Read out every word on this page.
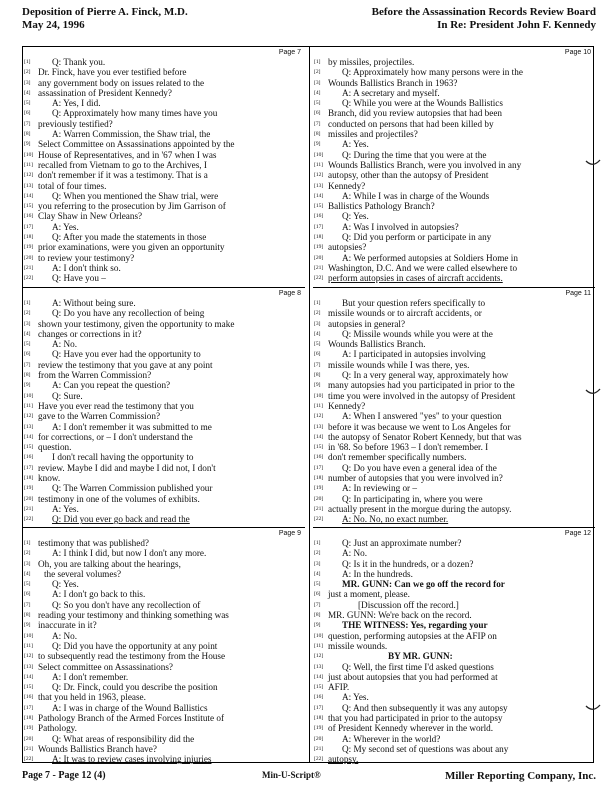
Deposition of Pierre A. Finck, M.D.
May 24, 1996
Before the Assassination Records Review Board
In Re: President John F. Kennedy
Page 7
[1] Q: Thank you.
[2] Dr. Finck, have you ever testified before
[3] any government body on issues related to the
[4] assassination of President Kennedy?
[5] A: Yes, I did.
[6] Q: Approximately how many times have you
[7] previously testified?
[8] A: Warren Commission, the Shaw trial, the
[9] Select Committee on Assassinations appointed by the
[10] House of Representatives, and in '67 when I was
[11] recalled from Vietnam to go to the Archives, I
[12] don't remember if it was a testimony. That is a
[13] total of four times.
[14] Q: When you mentioned the Shaw trial, were
[15] you referring to the prosecution by Jim Garrison of
[16] Clay Shaw in New Orleans?
[17] A: Yes.
[18] Q: After you made the statements in those
[19] prior examinations, were you given an opportunity
[20] to review your testimony?
[21] A: I don't think so.
[22] Q: Have you –
Page 10
[1] by missiles, projectiles.
[2] Q: Approximately how many persons were in the
[3] Wounds Ballistics Branch in 1963?
[4] A: A secretary and myself.
[5] Q: While you were at the Wounds Ballistics
[6] Branch, did you review autopsies that had been
[7] conducted on persons that had been killed by
[8] missiles and projectiles?
[9] A: Yes.
[10] Q: During the time that you were at the
[11] Wounds Ballistics Branch, were you involved in any
[12] autopsy, other than the autopsy of President
[13] Kennedy?
[14] A: While I was in charge of the Wounds
[15] Ballistics Pathology Branch?
[16] Q: Yes.
[17] A: Was I involved in autopsies?
[18] Q: Did you perform or participate in any
[19] autopsies?
[20] A: We performed autopsies at Soldiers Home in
[21] Washington, D.C. And we were called elsewhere to
[22] perform autopsies in cases of aircraft accidents.
Page 8
[1] A: Without being sure.
[2] Q: Do you have any recollection of being
[3] shown your testimony, given the opportunity to make
[4] changes or corrections in it?
[5] A: No.
[6] Q: Have you ever had the opportunity to
[7] review the testimony that you gave at any point
[8] from the Warren Commission?
[9] A: Can you repeat the question?
[10] Q: Sure.
[11] Have you ever read the testimony that you
[12] gave to the Warren Commission?
[13] A: I don't remember it was submitted to me
[14] for corrections, or – I don't understand the
[15] question.
[16] I don't recall having the opportunity to
[17] review. Maybe I did and maybe I did not, I don't
[18] know.
[19] Q: The Warren Commission published your
[20] testimony in one of the volumes of exhibits.
[21] A: Yes.
[22] Q: Did you ever go back and read the
Page 11
[1] But your question refers specifically to
[2] missile wounds or to aircraft accidents, or
[3] autopsies in general?
[4] Q: Missile wounds while you were at the
[5] Wounds Ballistics Branch.
[6] A: I participated in autopsies involving
[7] missile wounds while I was there, yes.
[8] Q: In a very general way, approximately how
[9] many autopsies had you participated in prior to the
[10] time you were involved in the autopsy of President
[11] Kennedy?
[12] A: When I answered "yes" to your question
[13] before it was because we went to Los Angeles for
[14] the autopsy of Senator Robert Kennedy, but that was
[15] in '68. So before 1963 – I don't remember. I
[16] don't remember specifically numbers.
[17] Q: Do you have even a general idea of the
[18] number of autopsies that you were involved in?
[19] A: In reviewing or –
[20] Q: In participating in, where you were
[21] actually present in the morgue during the autopsy.
[22] A: No. No, no exact number.
Page 9
[1] testimony that was published?
[2] A: I think I did, but now I don't any more.
[3] Oh, you are talking about the hearings,
[4] the several volumes?
[5] Q: Yes.
[6] A: I don't go back to this.
[7] Q: So you don't have any recollection of
[8] reading your testimony and thinking something was
[9] inaccurate in it?
[10] A: No.
[11] Q: Did you have the opportunity at any point
[12] to subsequently read the testimony from the House
[13] Select committee on Assassinations?
[14] A: I don't remember.
[15] Q: Dr. Finck, could you describe the position
[16] that you held in 1963, please.
[17] A: I was in charge of the Wound Ballistics
[18] Pathology Branch of the Armed Forces Institute of
[19] Pathology.
[20] Q: What areas of responsibility did the
[21] Wounds Ballistics Branch have?
[22] A: It was to review cases involving injuries
Page 12
[1] Q: Just an approximate number?
[2] A: No.
[3] Q: Is it in the hundreds, or a dozen?
[4] A: In the hundreds.
[5] MR. GUNN: Can we go off the record for
[6] just a moment, please.
[7]	[Discussion off the record.]
[8] MR. GUNN: We're back on the record.
[9] THE WITNESS: Yes, regarding your
[10] question, performing autopsies at the AFIP on
[11] missile wounds.
[12]	BY MR. GUNN:
[13] Q: Well, the first time I'd asked questions
[14] just about autopsies that you had performed at
[15] AFIP.
[16] A: Yes.
[17] Q: And then subsequently it was any autopsy
[18] that you had participated in prior to the autopsy
[19] of President Kennedy wherever in the world.
[20] A: Wherever in the world?
[21] Q: My second set of questions was about any
[22] autopsy.
Page 7 - Page 12 (4)	Min-U-Script®	Miller Reporting Company, Inc.
